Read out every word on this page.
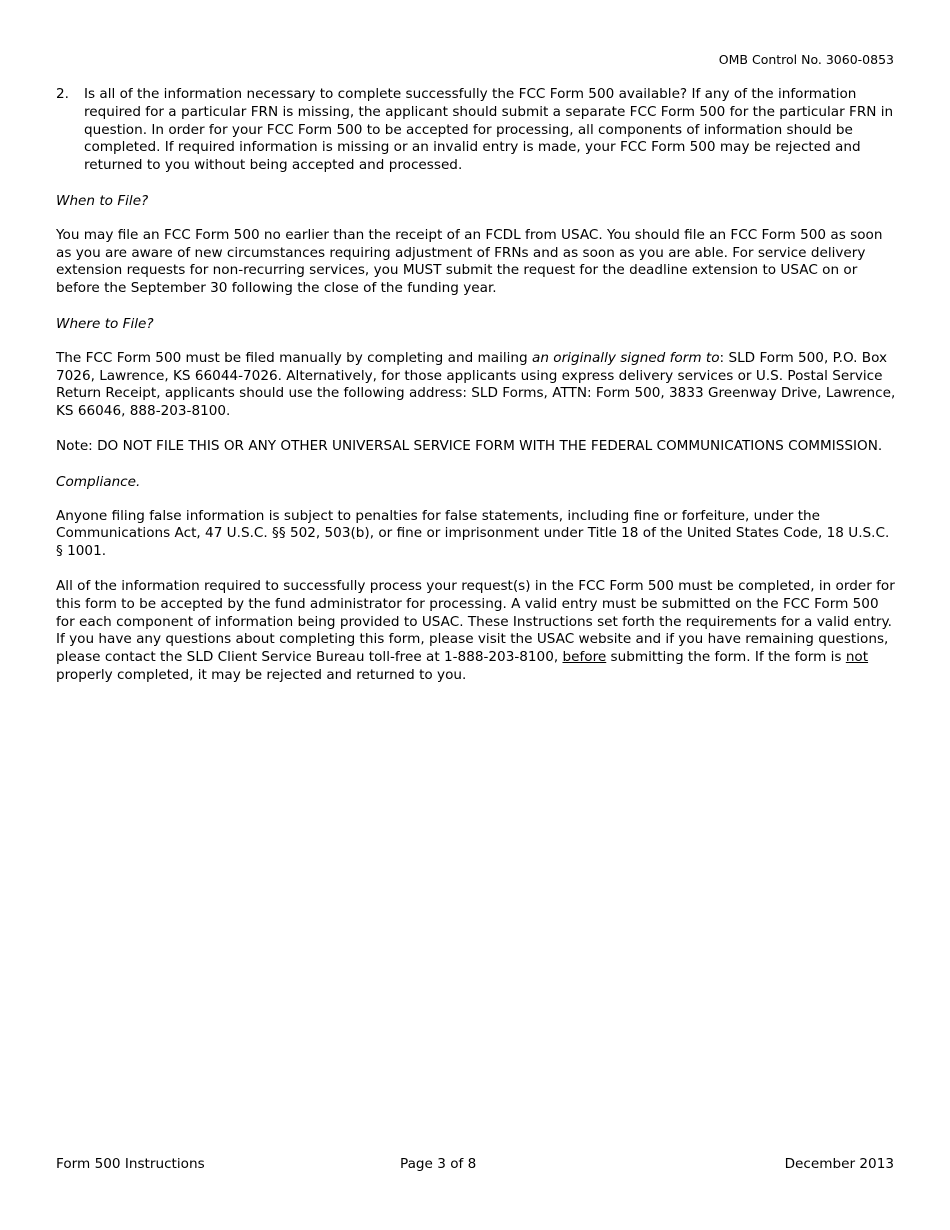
OMB Control No. 3060-0853

2.	Is all of the information necessary to complete successfully the FCC Form 500 available? If any of the information required for a particular FRN is missing, the applicant should submit a separate FCC Form 500 for the particular FRN in question. In order for your FCC Form 500 to be accepted for processing, all components of information should be completed. If required information is missing or an invalid entry is made, your FCC Form 500 may be rejected and returned to you without being accepted and processed.

When to File?

You may file an FCC Form 500 no earlier than the receipt of an FCDL from USAC. You should file an FCC Form 500 as soon as you are aware of new circumstances requiring adjustment of FRNs and as soon as you are able. For service delivery extension requests for non-recurring services, you MUST submit the request for the deadline extension to USAC on or before the September 30 following the close of the funding year.

Where to File?

The FCC Form 500 must be filed manually by completing and mailing an originally signed form to: SLD Form 500, P.O. Box 7026, Lawrence, KS 66044-7026. Alternatively, for those applicants using express delivery services or U.S. Postal Service Return Receipt, applicants should use the following address: SLD Forms, ATTN: Form 500, 3833 Greenway Drive, Lawrence, KS 66046, 888-203-8100.

Note: DO NOT FILE THIS OR ANY OTHER UNIVERSAL SERVICE FORM WITH THE FEDERAL COMMUNICATIONS COMMISSION.

Compliance.

Anyone filing false information is subject to penalties for false statements, including fine or forfeiture, under the Communications Act, 47 U.S.C. §§ 502, 503(b), or fine or imprisonment under Title 18 of the United States Code, 18 U.S.C. § 1001.

All of the information required to successfully process your request(s) in the FCC Form 500 must be completed, in order for this form to be accepted by the fund administrator for processing. A valid entry must be submitted on the FCC Form 500 for each component of information being provided to USAC. These Instructions set forth the requirements for a valid entry. If you have any questions about completing this form, please visit the USAC website and if you have remaining questions, please contact the SLD Client Service Bureau toll-free at 1-888-203-8100, before submitting the form. If the form is not properly completed, it may be rejected and returned to you.

Form 500 Instructions	Page 3 of 8	December 2013
